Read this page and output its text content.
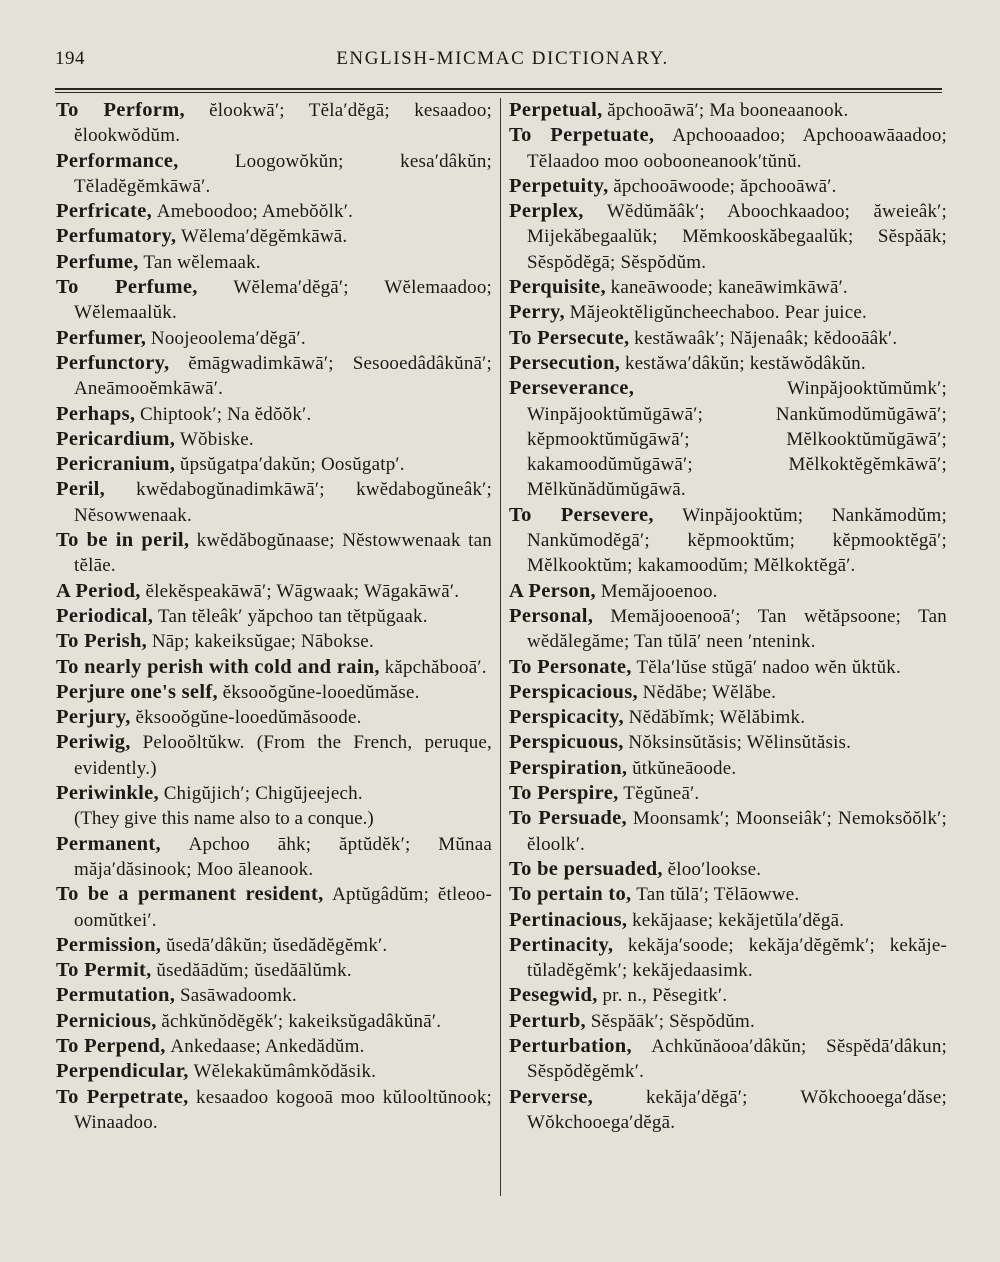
194	ENGLISH-MICMAC DICTIONARY.
To Perform, ĕlookwā′; Tĕla′dĕgā; kesaadoo; ĕlookwŏdŭm.
Performance,	Loogowŏkŭn; kesa′dâkŭn; Tĕladĕgĕmkāwā′.
Perfricate, Ameboodoo; Amebŏŏlk′.
Perfumatory, Wĕlema′dĕgĕmkāwā.
Perfume, Tan wĕlemaak.
To Perfume, Wĕlema′dĕgā′; Wĕlemaadoo; Wĕlemaalŭk.
Perfumer, Noojeoolema′dĕgā′.
Perfunctory, ĕmāgwadimkāwā′; Sesooedâdâkŭnā′; Aneāmooĕmkāwā′.
Perhaps, Chiptook′; Na ĕdŏŏk′.
Pericardium, Wŏbiske.
Pericranium, ŭpsŭgatpa′dakŭn; Oosŭgatp′.
Peril, kwĕdabogŭnadimkāwā′; kwĕdabogŭneâk′; Nĕsowwenaak.
To be in peril, kwĕdăbogŭnaase; Nĕstowwenaak tan tĕlāe.
A Period, ĕlekĕspeakāwā′; Wāgwaak; Wāgakāwā′.
Periodical, Tan tĕleâk′ yăpchoo tan tĕtpŭgaak.
To Perish, Nāp; kakeiksŭgae; Nābokse.
To nearly perish with cold and rain, kăpchăbooā′.
Perjure one's self, ĕksooŏgŭne-looedŭmăse.
Perjury, ĕksooŏgŭne-looedŭmăsoode.
Periwig, Pelooŏltŭkw. (From the French, peruque, evidently.)
Periwinkle, Chigŭjich′; Chigŭjeejech.
(They give this name also to a conque.)
Permanent, Apchoo āhk; ăptŭdĕk′; Mŭnaa măja′dăsinook; Moo āleanook.
To be a permanent resident, Aptŭgâdŭm; ĕtleoo-oomŭtkei′.
Permission, ŭsedā′dâkŭn; ŭsedădĕgĕmk′.
To Permit, ŭsedăādŭm; ŭsedăālŭmk.
Permutation, Sasāwadoomk.
Pernicious, ăchkŭnŏdĕgĕk′; kakeiksŭgadâkŭnā′.
To Perpend, Ankedaase; Ankedădŭm.
Perpendicular, Wĕlekakŭmâmkŏdăsik.
To Perpetrate, kesaadoo kogooā moo kŭlooltŭnook; Winaadoo.
Perpetual, ăpchooāwā′; Ma booneaanook.
To Perpetuate, Apchooaadoo; Apchooawāaadoo; Tĕlaadoo moo oobooneanook′tŭnŭ.
Perpetuity, ăpchooāwoode; ăpchooāwā′.
Perplex, Wĕdŭmăâk′; Aboochkaadoo; ăweieâk′; Mijekăbegaalŭk; Mĕmkooskăbegaalŭk; Sĕspăāk; Sĕspŏdĕgā; Sĕspŏdŭm.
Perquisite, kaneāwoode; kaneāwimkāwā′.
Perry, Măjeoktĕligŭncheechaboo. Pear juice.
To Persecute, kestăwaâk′; Năjenaâk; kĕdooāâk′.
Persecution, kestăwa′dâkŭn; kestăwŏdâkŭn.
Perseverance,	Winpăjooktŭmŭmk′; Winpăjooktŭmŭgāwā′; Nankŭmodŭmŭgāwā′; kĕpmooktŭmŭgāwā′; Mĕlkooktŭmŭgāwā′; kakamoodŭmŭgāwā′; Mĕlkoktĕgĕmkāwā′; Mĕlkŭnădŭmŭgāwā.
To Persevere, Winpăjooktŭm; Nankămodŭm; Nankŭmodĕgā′; kĕpmooktŭm; kĕpmooktĕgā′; Mĕlkooktŭm; kakamoodŭm; Mĕlkoktĕgā′.
A Person, Memăjooenoo.
Personal, Memăjooenooā′; Tan wĕtăpsoone; Tan wĕdălegăme; Tan tŭlā′ neen ′ntenink.
To Personate, Tĕla′lŭse stŭgā′ nadoo wĕn ŭktŭk.
Perspicacious, Nĕdăbe; Wĕlăbe.
Perspicacity, Nĕdăbĭmk; Wĕlăbimk.
Perspicuous, Nŏksinsŭtăsis; Wĕlinsŭtăsis.
Perspiration, ŭtkŭneāoode.
To Perspire, Tĕgŭneā′.
To Persuade, Moonsamk′; Moonseiâk′; Nemoksŏŏlk′; ĕloolk′.
To be persuaded, ĕloo′lookse.
To pertain to, Tan tŭlā′; Tĕlāowwe.
Pertinacious, kekăjaase; kekăjetŭla′dĕgā.
Pertinacity, kekăja′soode; kekăja′dĕgĕmk′; kekăje-tŭladĕgĕmk′; kekăjedaasimk.
Pesegwid, pr. n., Pĕsegitk′.
Perturb, Sĕspăāk′; Sĕspŏdŭm.
Perturbation, Achkŭnăooa′dâkŭn; Sĕspĕdā′dâkun; Sĕspŏdĕgĕmk′.
Perverse,	kekăja′dĕgā′; Wŏkchooega′dăse; Wŏkchooega′dĕgā.
